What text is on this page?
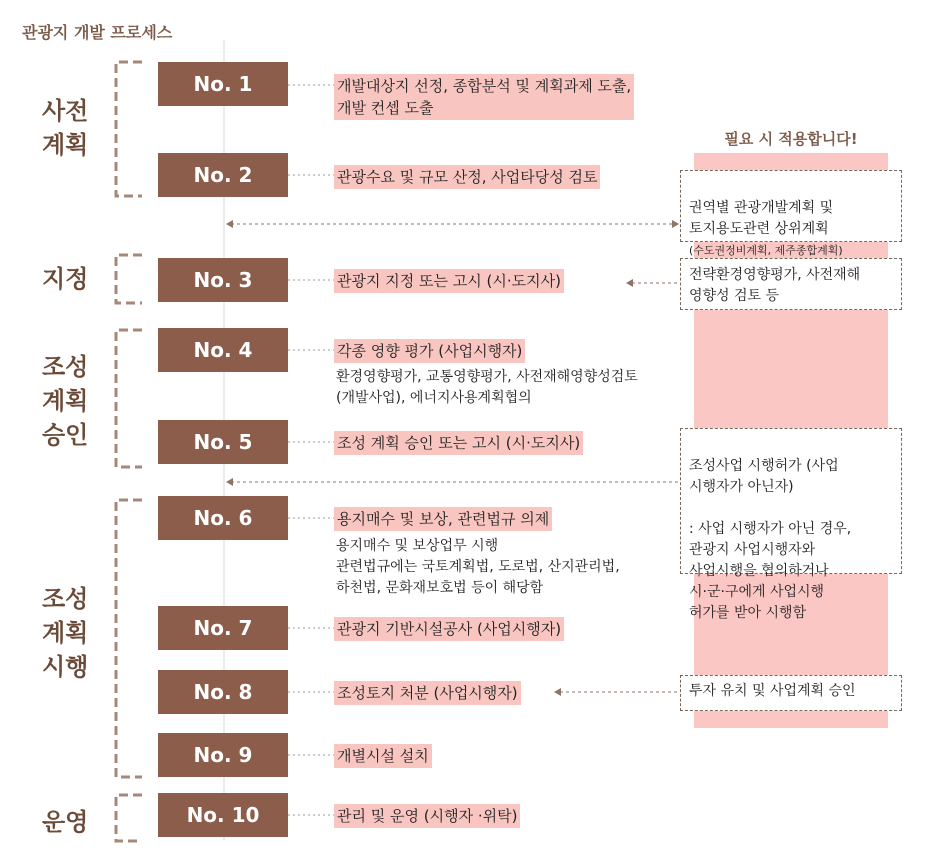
관광지 개발 프로세스
사전
계획
지정
조성
계획
승인
조성
계획
시행
운영
No. 1
No. 2
No. 3
No. 4
No. 5
No. 6
No. 7
No. 8
No. 9
No. 10
개발대상지 선정, 종합분석 및 계획과제 도출,
개발 컨셉 도출
관광수요 및 규모 산정, 사업타당성 검토
관광지 지정 또는 고시 (시·도지사)
각종 영향 평가 (사업시행자)
환경영향평가, 교통영향평가, 사전재해영향성검토
(개발사업), 에너지사용계획협의
조성 계획 승인 또는 고시 (시·도지사)
용지매수 및 보상, 관련법규 의제
용지매수 및 보상업무 시행
관련법규에는 국토계획법, 도로법, 산지관리법,
하천법, 문화재보호법 등이 해당함
관광지 기반시설공사 (사업시행자)
조성토지 처분 (사업시행자)
개별시설 설치
관리 및 운영 (시행자 ·위탁)
필요 시 적용합니다!

권역별 관광개발계획 및
토지용도관련 상위계획

(수도권정비계획, 제주종합계획)

전략환경영향평가, 사전재해
영향성 검토 등

조성사업 시행허가 (사업
시행자가 아닌자)

: 사업 시행자가 아닌 경우,
관광지 사업시행자와
사업시행을 협의하거나
시·군·구에게 사업시행
허가를 받아 시행함

투자 유치 및 사업계획 승인
